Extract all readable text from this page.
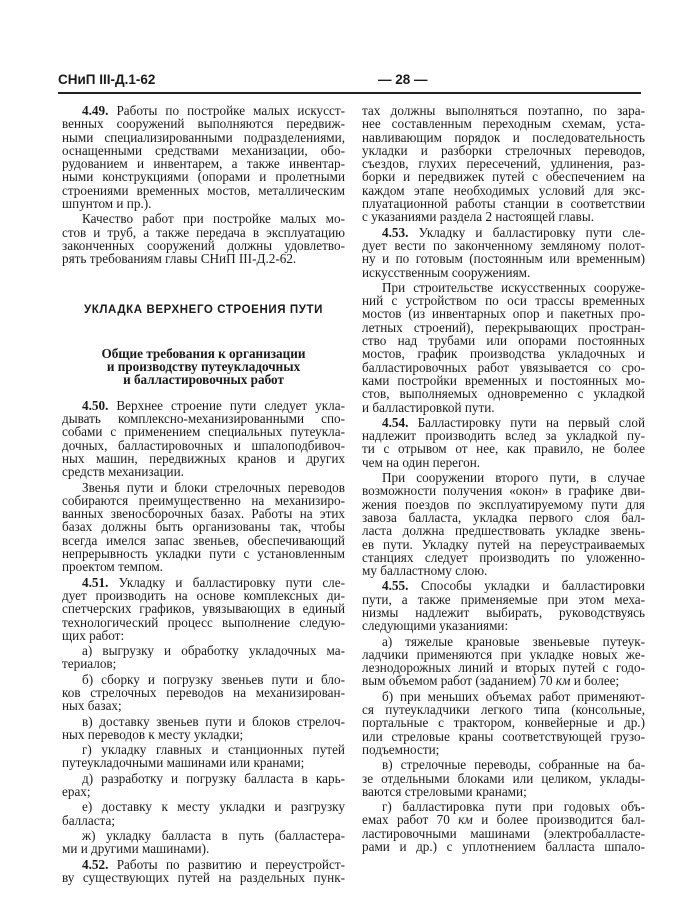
СНиП III-Д.1-62	— 28 —
4.49. Работы по постройке малых искусст-
венных сооружений выполняются передвиж-
ными специализированными подразделениями,
оснащенными средствами механизации, обо-
рудованием и инвентарем, а также инвентар-
ными конструкциями (опорами и пролетными
строениями временных мостов, металлическим
шпунтом и пр.).
Качество работ при постройке малых мо-
стов и труб, а также передача в эксплуатацию
законченных сооружений должны удовлетво-
рять требованиям главы СНиП III-Д.2-62.
УКЛАДКА ВЕРХНЕГО СТРОЕНИЯ ПУТИ
Общие требования к организации
и производству путеукладочных
и балластировочных работ
4.50. Верхнее строение пути следует укла-
дывать комплексно-механизированными спо-
собами с применением специальных путеукла-
дочных, балластировочных и шпалоподбивоч-
ных машин, передвижных кранов и других
средств механизации.
Звенья пути и блоки стрелочных переводов
собираются преимущественно на механизиро-
ванных звеносборочных базах. Работы на этих
базах должны быть организованы так, чтобы
всегда имелся запас звеньев, обеспечивающий
непрерывность укладки пути с установленным
проектом темпом.
4.51. Укладку и балластировку пути сле-
дует производить на основе комплексных ди-
спетчерских графиков, увязывающих в единый
технологический процесс выполнение следую-
щих работ:
а) выгрузку и обработку укладочных ма-
териалов;
б) сборку и погрузку звеньев пути и бло-
ков стрелочных переводов на механизирован-
ных базах;
в) доставку звеньев пути и блоков стрелоч-
ных переводов к месту укладки;
г) укладку главных и станционных путей
путеукладочными машинами или кранами;
д) разработку и погрузку балласта в карь-
ерах;
е) доставку к месту укладки и разгрузку
балласта;
ж) укладку балласта в путь (балластера-
ми и другими машинами).
4.52. Работы по развитию и переустройст-
ву существующих путей на раздельных пунк-
тах должны выполняться поэтапно, по зара-
нее составленным переходным схемам, уста-
навливающим порядок и последовательность
укладки и разборки стрелочных переводов,
съездов, глухих пересечений, удлинения, раз-
борки и передвижек путей с обеспечением на
каждом этапе необходимых условий для экс-
плуатационной работы станции в соответствии
с указаниями раздела 2 настоящей главы.
4.53. Укладку и балластировку пути сле-
дует вести по законченному земляному полот-
ну и по готовым (постоянным или временным)
искусственным сооружениям.
При строительстве искусственных сооруже-
ний с устройством по оси трассы временных
мостов (из инвентарных опор и пакетных про-
летных строений), перекрывающих простран-
ство над трубами или опорами постоянных
мостов, график производства укладочных и
балластировочных работ увязывается со сро-
ками постройки временных и постоянных мо-
стов, выполняемых одновременно с укладкой
и балластировкой пути.
4.54. Балластировку пути на первый слой
надлежит производить вслед за укладкой пу-
ти с отрывом от нее, как правило, не более
чем на один перегон.
При сооружении второго пути, в случае
возможности получения «окон» в графике дви-
жения поездов по эксплуатируемому пути для
завоза балласта, укладка первого слоя бал-
ласта должна предшествовать укладке звень-
ев пути. Укладку путей на переустраиваемых
станциях следует производить по уложенно-
му балластному слою.
4.55. Способы укладки и балластировки
пути, а также применяемые при этом меха-
низмы надлежит выбирать, руководствуясь
следующими указаниями:
а) тяжелые крановые звеньевые путеук-
ладчики применяются при укладке новых же-
лезнодорожных линий и вторых путей с годо-
вым объемом работ (заданием) 70 км и более;
б) при меньших объемах работ применяют-
ся путеукладчики легкого типа (консольные,
портальные с трактором, конвейерные и др.)
или стреловые краны соответствующей грузо-
подъемности;
в) стрелочные переводы, собранные на ба-
зе отдельными блоками или целиком, уклады-
ваются стреловыми кранами;
г) балластировка пути при годовых объ-
емах работ 70 км и более производится бал-
ластировочными машинами (электробалласте-
рами и др.) с уплотнением балласта шпало-
